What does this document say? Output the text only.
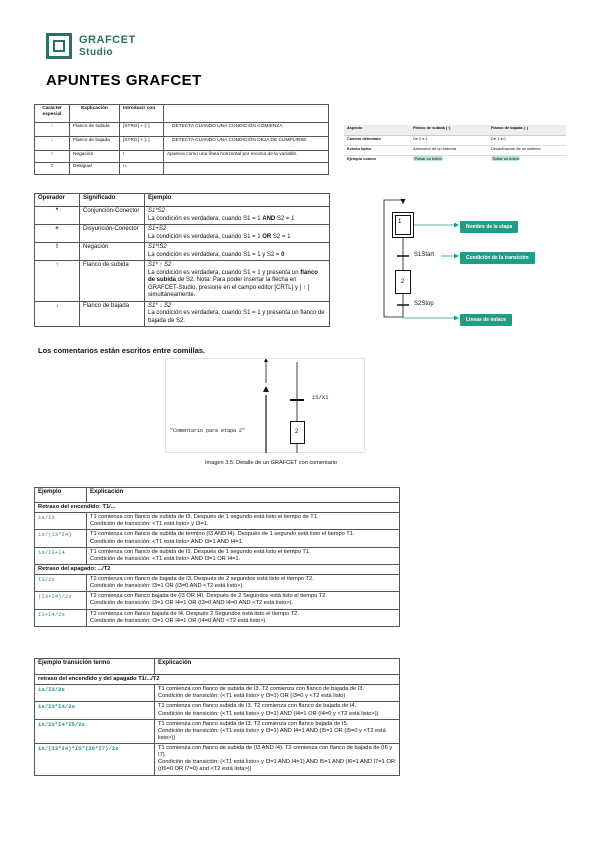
GRAFCET
Studio
APUNTES GRAFCET
Carácter especial	Explicación	Introducir con	
↑	Flanco de subida	[STRG] + [↑]	DETECTA CUANDO UNA CONDICIÓN COMIENZA
↓	Flanco de bajada	[STRG] + [↓]	DETECTA CUANDO UNA CONDICIÓN DEJA DE CUMPLIRSE
!	Negación	!	Aparece como una línea horizontal por encima de la variable.
≠	Desigual	!=	
Aspecto	Flanco de subida (↑)	Flanco de bajada (↓)
Cambio detectado	De 0 a 1	De 1 a 0
Evento típico	Activación de un sistema	Desactivación de un sistema
Ejemplo común	Pulsar un botón	Soltar un botón
Operador	Significado	Ejemplo
*	Conjunción-Conector	S1*S2
La condición es verdadera, cuando S1 = 1 AND S2 = 1
+	Disyunción-Conector	S1+S2
La condición es verdadera, cuando S1 = 1 OR S2 = 1
!	Negación	S1*!S2
La condición es verdadera, cuando S1 = 1 y S2 = 0
↑	Flanco de subida	S1* ↑ S2
La condición es verdadera, cuando S1 = 1 y presenta un flanco de subida de S2. Nota: Para poder insertar la flecha en GRAFCET-Studio, presione en el campo editor [CRTL] y [ ↑ ] simultáneamente.
↓	Flanco de bajada	S1* ↓ S2
La condición es verdadera, cuando S1 = 1 y presenta un flanco de bajada de S2.
1
2
S1Start
S2Stop
Nombre de la etapa
Condición de la transición
Líneas de enlace
Los comentarios están escritos entre comillas.
"Comentario para etapa 2"
1S/X1
2
Imagen 3.5: Detalle de un GRAFCET con comentario
Ejemplo	Explicación
Retraso del encendido: T1/...	
1s/I3	T1 comienza con flanco de subida de I3. Después de 1 segundo está listo el tiempo de T1.
Condición de transición: <T1 está listo> y I3=1.
1s/(I3*I4)	T1 comienza con flanco de subida de termino (I3 AND I4). Después de 1 segundo está listo el tiempo T1.
Condición de transición: <T1 está listo> AND I3=1 AND I4=1.
1s/I3+I4	T1 comienza con flanco de subida de I3. Después de 1 segundo está listo el tiempo T1.
Condición de transición: <T1 está listo> AND I3=1 OR I4=1.
Retraso del apagado: .../T2	
I3/2s	T2 comienza con flanco de bajada de I3. Después de 2 segundos está listo el tiempo T2.
Condición de transición: I3=1 OR (I3=0 AND <T2 está listo>).
(I3+I4)/2s	T2 comienza con flanco bajada de (I3 OR I4). Después de 2 Segundos está listo el tiempo T2.
Condición de transición: I3=1 OR I4=1 OR (I3=0 AND I4=0 AND <T2 está listo>).
I3+I4/2s	T2 comienza con flanco bajada de I4. Después 2 Segundos está listo el tiempo T2.
Condición de transición: I3=1 OR I4=1 OR (I4=0 AND <T2 está listo>).
Ejemplo transición termo	Explicación
retraso del encendido y del apagado T1/.../T2	
1s/I3/2s	T1 comienza con flanco de subida de I3. T2 comienza con flanco de bajada de I3.
Condición de transición: (<T1 está listo> y I3=1) OR (I3=0 y <T2 está listo)
1s/I3*I4/2s	T1 comienza con flanco subida de I3. T2 comienza con flanco de bajada de I4.
Condición de transición: (<T1 está listo> y I3=1) AND (I4=1 OR (I4=0 y <T2 está listo>))
1s/I3*I4*I5/2s	T1 comienza con flanco subida de I3. T2 comienza con flanco bajada de I5.
Condición de transición: (<T1 está listo> y I3=1) AND I4=1 AND (I5=1 OR (I5=0 y <T2 está listo>))
1s/(I3*I4)*I5*(I6*I7)/2s	T1 comienza con flanco de subida de (I3 AND I4). T2 comienza con flanco de bajada de (I6 y I7).
Condición de transición: (<T1 está listo> y I3=1 AND I4=1) AND I5=1 AND (I6=1 AND I7=1 OR ((I6=0 OR I7=0) and <T2 está lista>))
